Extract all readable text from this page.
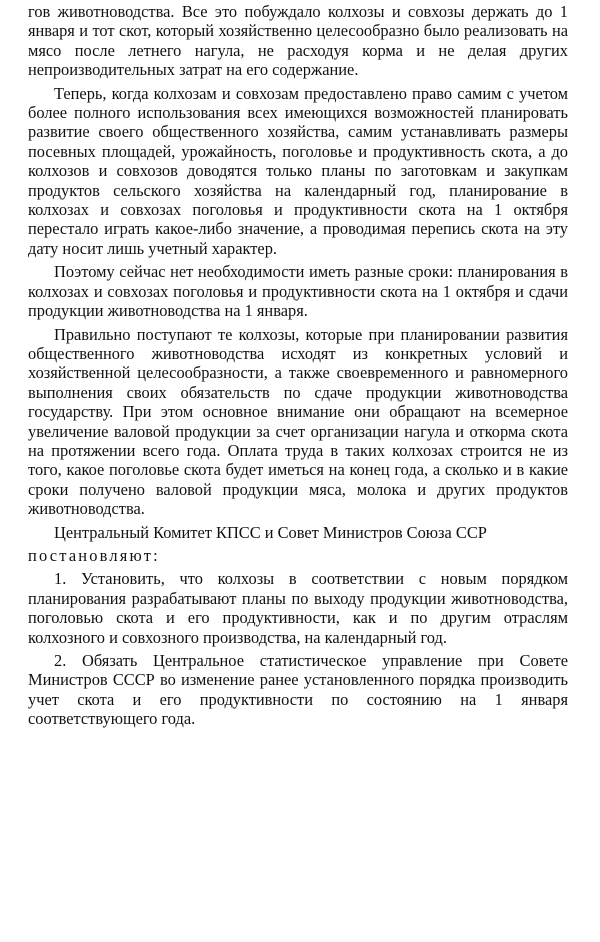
гов животноводства. Все это побуждало колхозы и совхозы держать до 1 января и тот скот, который хозяйственно целесообразно было реализовать на мясо после летнего нагула, не расходуя корма и не делая других непроизводительных затрат на его содержание.

Теперь, когда колхозам и совхозам предоставлено право самим с учетом более полного использования всех имеющихся возможностей планировать развитие своего общественного хозяйства, самим устанавливать размеры посевных площадей, урожайность, поголовье и продуктивность скота, а до колхозов и совхозов доводятся только планы по заготовкам и закупкам продуктов сельского хозяйства на календарный год, планирование в колхозах и совхозах поголовья и продуктивности скота на 1 октября перестало играть какое-либо значение, а проводимая перепись скота на эту дату носит лишь учетный характер.

Поэтому сейчас нет необходимости иметь разные сроки: планирования в колхозах и совхозах поголовья и продуктивности скота на 1 октября и сдачи продукции животноводства на 1 января.

Правильно поступают те колхозы, которые при планировании развития общественного животноводства исходят из конкретных условий и хозяйственной целесообразности, а также своевременного и равномерного выполнения своих обязательств по сдаче продукции животноводства государству. При этом основное внимание они обращают на всемерное увеличение валовой продукции за счет организации нагула и откорма скота на протяжении всего года. Оплата труда в таких колхозах строится не из того, какое поголовье скота будет иметься на конец года, а сколько и в какие сроки получено валовой продукции мяса, молока и других продуктов животноводства.

Центральный Комитет КПСС и Совет Министров Союза ССР

постановляют:

1. Установить, что колхозы в соответствии с новым порядком планирования разрабатывают планы по выходу продукции животноводства, поголовью скота и его продуктивности, как и по другим отраслям колхозного и совхозного производства, на календарный год.

2. Обязать Центральное статистическое управление при Совете Министров СССР во изменение ранее установленного порядка производить учет скота и его продуктивности по состоянию на 1 января соответствующего года.
